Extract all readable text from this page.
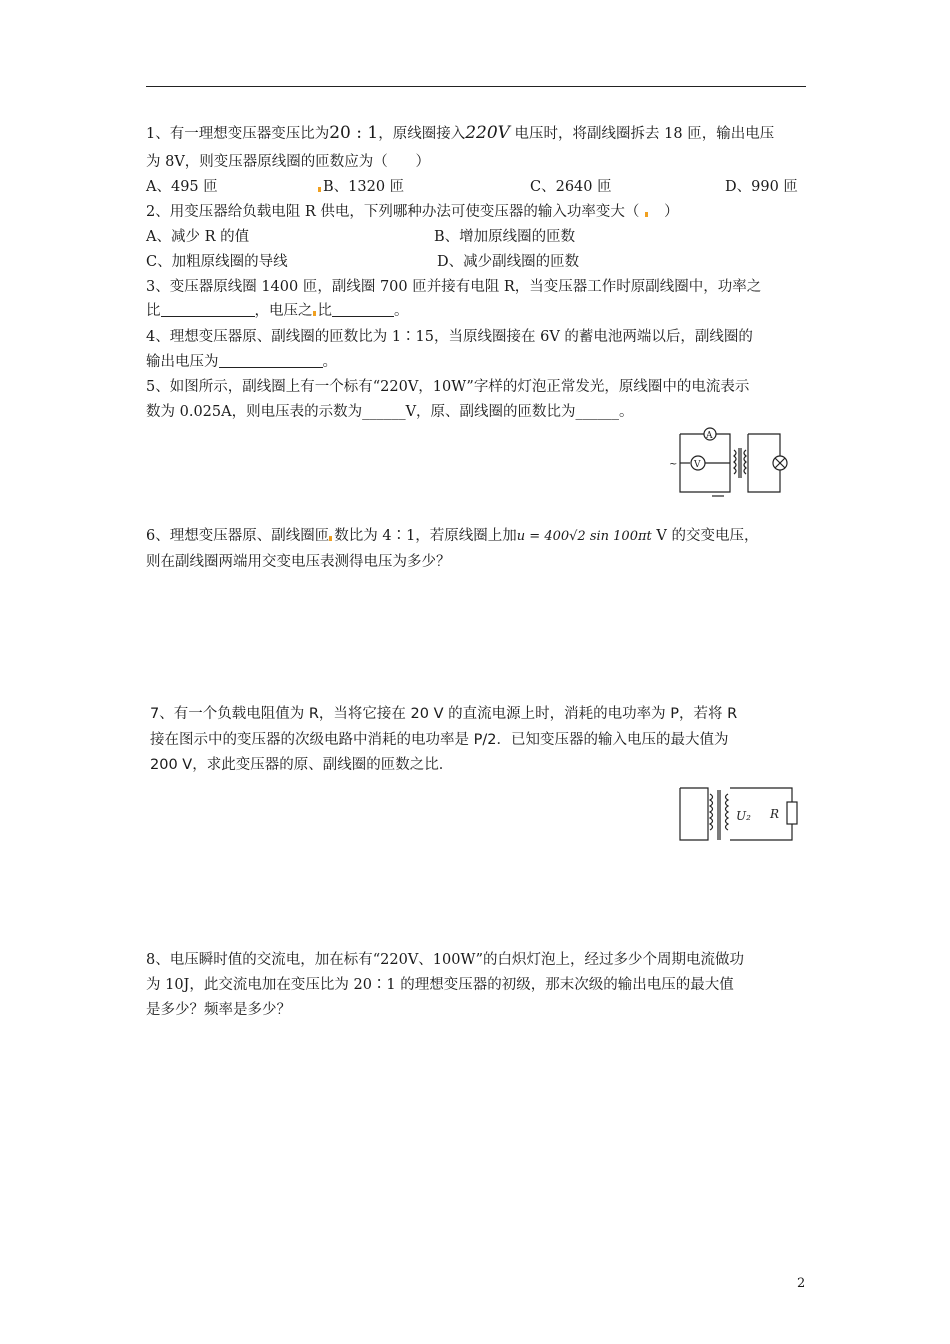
1、有一理想变压器变压比为20 : 1，原线圈接入220V 电压时，将副线圈拆去 18 匝，输出电压
为 8V，则变压器原线圈的匝数应为（      ）
A、495 匝	B、1320 匝	C、2640 匝	D、990 匝
2、用变压器给负载电阻 R 供电，下列哪种办法可使变压器的输入功率变大（   ）
A、减少 R 的值	B、增加原线圈的匝数
C、加粗原线圈的导线	D、减少副线圈的匝数
3、变压器原线圈 1400 匝，副线圈 700 匝并接有电阻 R，当变压器工作时原副线圈中，功率之
比	，电压之 比	。
4、理想变压器原、副线圈的匝数比为 1∶15，当原线圈接在 6V 的蓄电池两端以后，副线圈的
输出电压为	。
5、如图所示，副线圈上有一个标有“220V，10W”字样的灯泡正常发光，原线圈中的电流表示
数为 0.025A，则电压表的示数为______V，原、副线圈的匝数比为______。
A
V
~
6、理想变压器原、副线圈匝 数比为 4∶1，若原线圈上加u = 400√2 sin 100πt V 的交变电压，
则在副线圈两端用交变电压表测得电压为多少？
7、有一个负载电阻值为 R，当将它接在 20 V 的直流电源上时，消耗的电功率为 P，若将 R
接在图示中的变压器的次级电路中消耗的电功率是 P/2．已知变压器的输入电压的最大值为
200 V，求此变压器的原、副线圈的匝数之比．
U₂ R
8、电压瞬时值的交流电，加在标有“220V、100W”的白炽灯泡上，经过多少个周期电流做功
为 10J，此交流电加在变压比为 20∶1 的理想变压器的初级，那末次级的输出电压的最大值
是多少？频率是多少？
2
